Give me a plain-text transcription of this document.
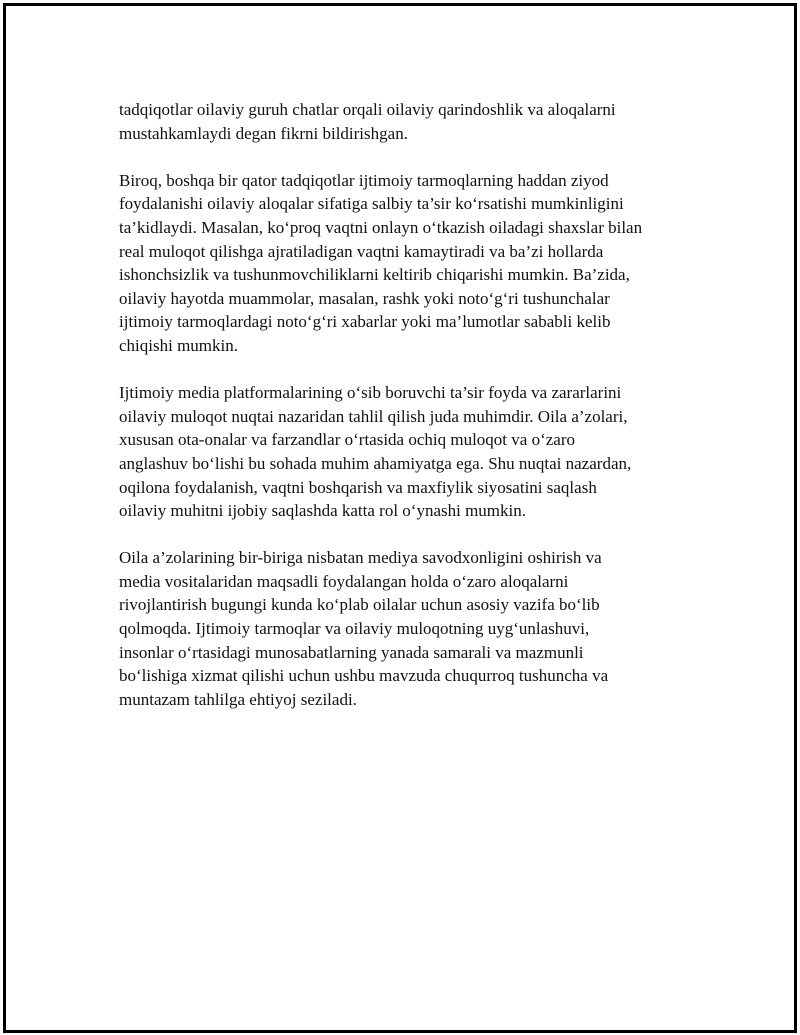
tadqiqotlar oilaviy guruh chatlar orqali oilaviy qarindoshlik va aloqalarni
mustahkamlaydi degan fikrni bildirishgan.

Biroq, boshqa bir qator tadqiqotlar ijtimoiy tarmoqlarning haddan ziyod
foydalanishi oilaviy aloqalar sifatiga salbiy ta’sir ko‘rsatishi mumkinligini
ta’kidlaydi. Masalan, ko‘proq vaqtni onlayn o‘tkazish oiladagi shaxslar bilan
real muloqot qilishga ajratiladigan vaqtni kamaytiradi va ba’zi hollarda
ishonchsizlik va tushunmovchiliklarni keltirib chiqarishi mumkin. Ba’zida,
oilaviy hayotda muammolar, masalan, rashk yoki noto‘g‘ri tushunchalar
ijtimoiy tarmoqlardagi noto‘g‘ri xabarlar yoki ma’lumotlar sababli kelib
chiqishi mumkin.

Ijtimoiy media platformalarining o‘sib boruvchi ta’sir foyda va zararlarini
oilaviy muloqot nuqtai nazaridan tahlil qilish juda muhimdir. Oila a’zolari,
xususan ota-onalar va farzandlar o‘rtasida ochiq muloqot va o‘zaro
anglashuv bo‘lishi bu sohada muhim ahamiyatga ega. Shu nuqtai nazardan,
oqilona foydalanish, vaqtni boshqarish va maxfiylik siyosatini saqlash
oilaviy muhitni ijobiy saqlashda katta rol o‘ynashi mumkin.

Oila a’zolarining bir-biriga nisbatan mediya savodxonligini oshirish va
media vositalaridan maqsadli foydalangan holda o‘zaro aloqalarni
rivojlantirish bugungi kunda ko‘plab oilalar uchun asosiy vazifa bo‘lib
qolmoqda. Ijtimoiy tarmoqlar va oilaviy muloqotning uyg‘unlashuvi,
insonlar o‘rtasidagi munosabatlarning yanada samarali va mazmunli
bo‘lishiga xizmat qilishi uchun ushbu mavzuda chuqurroq tushuncha va
muntazam tahlilga ehtiyoj seziladi.
